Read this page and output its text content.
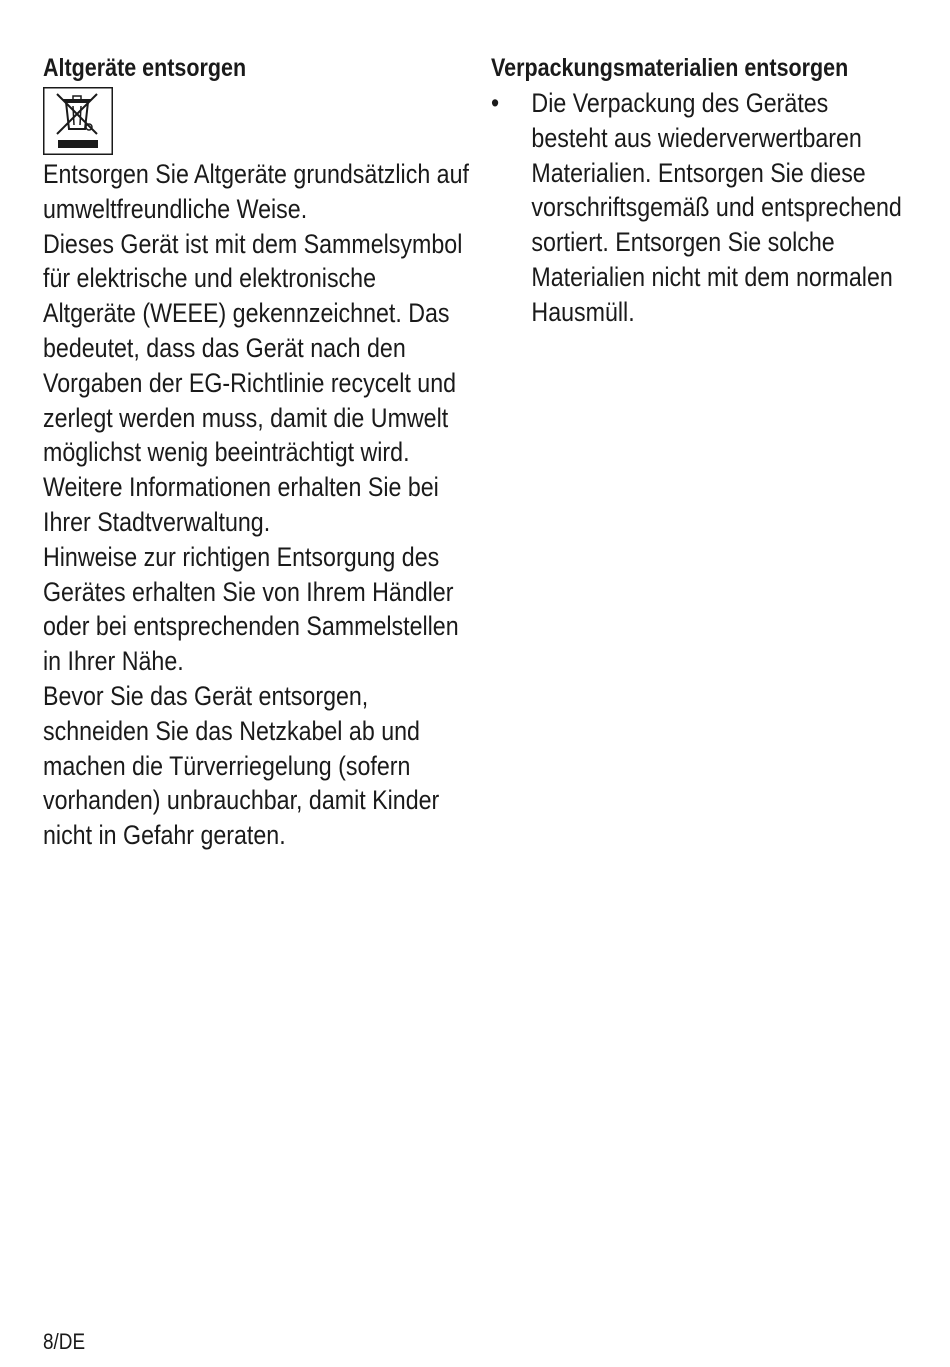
Altgeräte entsorgen

Entsorgen Sie Altgeräte grundsätzlich auf umweltfreundliche Weise.

Dieses Gerät ist mit dem Sammelsymbol für elektrische und elektronische Altgeräte (WEEE) gekennzeichnet. Das bedeutet, dass das Gerät nach den Vorgaben der EG-Richtlinie recycelt und zerlegt werden muss, damit die Umwelt möglichst wenig beeinträchtigt wird. Weitere Informationen erhalten Sie bei Ihrer Stadtverwaltung.

Hinweise zur richtigen Entsorgung des Gerätes erhalten Sie von Ihrem Händler oder bei entsprechenden Sammelstellen in Ihrer Nähe.

Bevor Sie das Gerät entsorgen, schneiden Sie das Netzkabel ab und machen die Türverriegelung (sofern vorhanden) unbrauchbar, damit Kinder nicht in Gefahr geraten.

Verpackungsmaterialien entsorgen
•	Die Verpackung des Gerätes besteht aus wiederverwertbaren Materialien. Entsorgen Sie diese vorschriftsgemäß und entsprechend sortiert. Entsorgen Sie solche Materialien nicht mit dem normalen Hausmüll.
8/DE
